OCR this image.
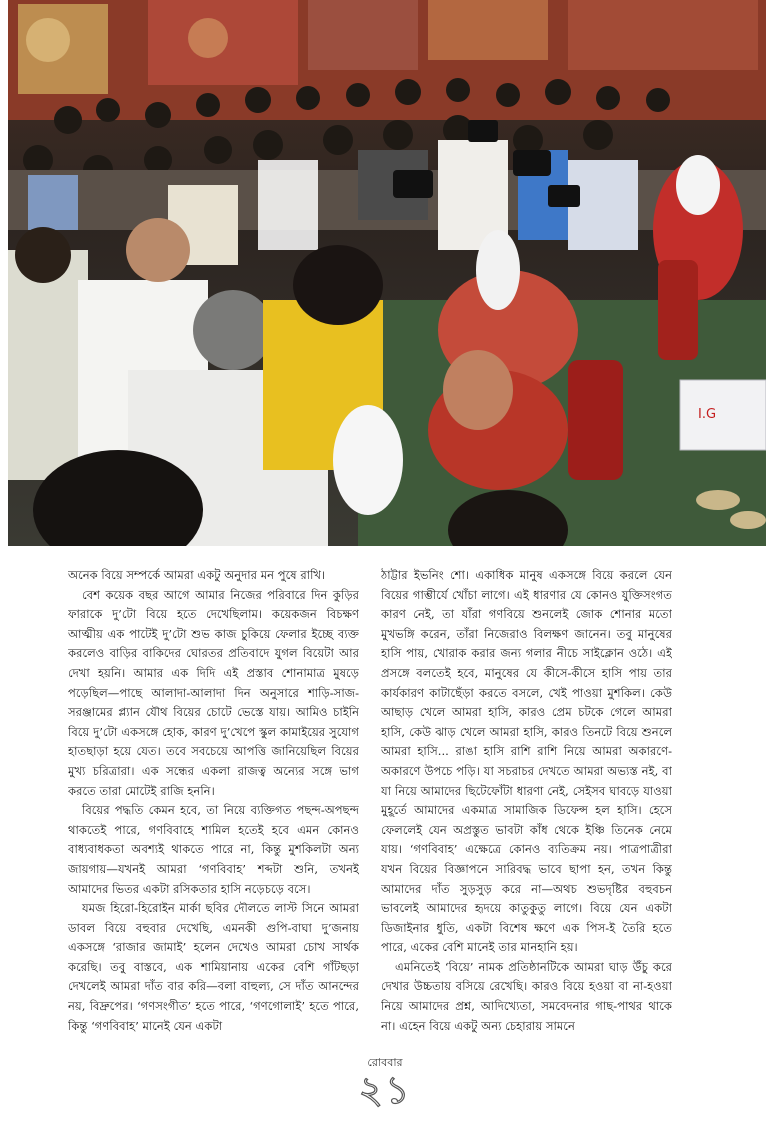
I.G

অনেক বিয়ে সম্পর্কে আমরা একটু অনুদার মন পুষে রাখি।

বেশ কয়েক বছর আগে আমার নিজের পরিবারে দিন কুড়ির ফারাকে দু’টো বিয়ে হতে দেখেছিলাম। কয়েকজন বিচক্ষণ আত্মীয় এক পাটেই দু’টো শুভ কাজ চুকিয়ে ফেলার ইচ্ছে ব্যক্ত করলেও বাড়ির বাকিদের ঘোরতর প্রতিবাদে যুগল বিয়েটা আর দেখা হয়নি। আমার এক দিদি এই প্রস্তাব শোনামাত্র মুষড়ে পড়েছিল—পাছে আলাদা-আলাদা দিন অনুসারে শাড়ি-সাজ-সরঞ্জামের প্ল্যান যৌথ বিয়ের চোটে ভেস্তে যায়। আমিও চাইনি বিয়ে দু’টো একসঙ্গে হোক, কারণ দু’খেপে স্কুল কামাইয়ের সুযোগ হাতছাড়া হয়ে যেত। তবে সবচেয়ে আপত্তি জানিয়েছিল বিয়ের মুখ্য চরিত্রারা। এক সন্ধের একলা রাজত্ব অন্যের সঙ্গে ভাগ করতে তারা মোটেই রাজি হননি।

বিয়ের পদ্ধতি কেমন হবে, তা নিয়ে ব্যক্তিগত পছন্দ-অপছন্দ থাকতেই পারে, গণবিবাহে শামিল হতেই হবে এমন কোনও বাধ্যবাধকতা অবশ্যই থাকতে পারে না, কিন্তু মুশকিলটা অন্য জায়গায়—যখনই আমরা ‘গণবিবাহ’ শব্দটা শুনি, তখনই আমাদের ভিতর একটা রসিকতার হাসি নড়েচড়ে বসে।

যমজ হিরো-হিরোইন মার্কা ছবির দৌলতে লাস্ট সিনে আমরা ডাবল বিয়ে বহুবার দেখেছি, এমনকী গুপি-বাঘা দু’জনায় একসঙ্গে ‘রাজার জামাই’ হলেন দেখেও আমরা চোখ সার্থক করেছি। তবু বাস্তবে, এক শামিয়ানায় একের বেশি গাঁটছড়া দেখলেই আমরা দাঁত বার করি—বলা বাহুল্য, সে দাঁত আনন্দের নয়, বিদ্রুপের। ‘গণসংগীত’ হতে পারে, ‘গণগোলাই’ হতে পারে, কিন্তু ‘গণবিবাহ’ মানেই যেন একটা

ঠাট্টার ইভনিং শো। একাধিক মানুষ একসঙ্গে বিয়ে করলে যেন বিয়ের গাম্ভীর্যে খোঁচা লাগে। এই ধারণার যে কোনও যুক্তিসংগত কারণ নেই, তা যাঁরা গণবিয়ে শুনলেই জোক শোনার মতো মুখভঙ্গি করেন, তাঁরা নিজেরাও বিলক্ষণ জানেন। তবু মানুষের হাসি পায়, খোরাক করার জন্য গলার নীচে সাইক্লোন ওঠে। এই প্রসঙ্গে বলতেই হবে, মানুষের যে কীসে-কীসে হাসি পায় তার কার্যকারণ কাটাছেঁড়া করতে বসলে, খেই পাওয়া মুশকিল। কেউ আছাড় খেলে আমরা হাসি, কারও প্রেম চটকে গেলে আমরা হাসি, কেউ ঝাড় খেলে আমরা হাসি, কারও তিনটে বিয়ে শুনলে আমরা হাসি... রাঙা হাসি রাশি রাশি নিয়ে আমরা অকারণে-অকারণে উপচে পড়ি। যা সচরাচর দেখতে আমরা অভ্যস্ত নই, বা যা নিয়ে আমাদের ছিটেফোঁটা ধারণা নেই, সেইসব ঘাবড়ে যাওয়া মুহূর্তে আমাদের একমাত্র সামাজিক ডিফেন্স হল হাসি। হেসে ফেললেই যেন অপ্রস্তুত ভাবটা কাঁধ থেকে ইঞ্চি তিনেক নেমে যায়। ‘গণবিবাহ’ এক্ষেত্রে কোনও ব্যতিক্রম নয়। পাত্রপাত্রীরা যখন বিয়ের বিজ্ঞাপনে সারিবদ্ধ ভাবে ছাপা হন, তখন কিন্তু আমাদের দাঁত সুড়সুড় করে না—অথচ শুভদৃষ্টির বহুবচন ভাবলেই আমাদের হৃদয়ে কাতুকুতু লাগে। বিয়ে যেন একটা ডিজাইনার ধুতি, একটা বিশেষ ক্ষণে এক পিস-ই তৈরি হতে পারে, একের বেশি মানেই তার মানহানি হয়।

এমনিতেই ‘বিয়ে’ নামক প্রতিষ্ঠানটিকে আমরা ঘাড় উঁচু করে দেখার উচ্চতায় বসিয়ে রেখেছি। কারও বিয়ে হওয়া বা না-হওয়া নিয়ে আমাদের প্রশ্ন, আদিখ্যেতা, সমবেদনার গাছ-পাথর থাকে না। এহেন বিয়ে একটু অন্য চেহারায় সামনে

রোববার
২১
